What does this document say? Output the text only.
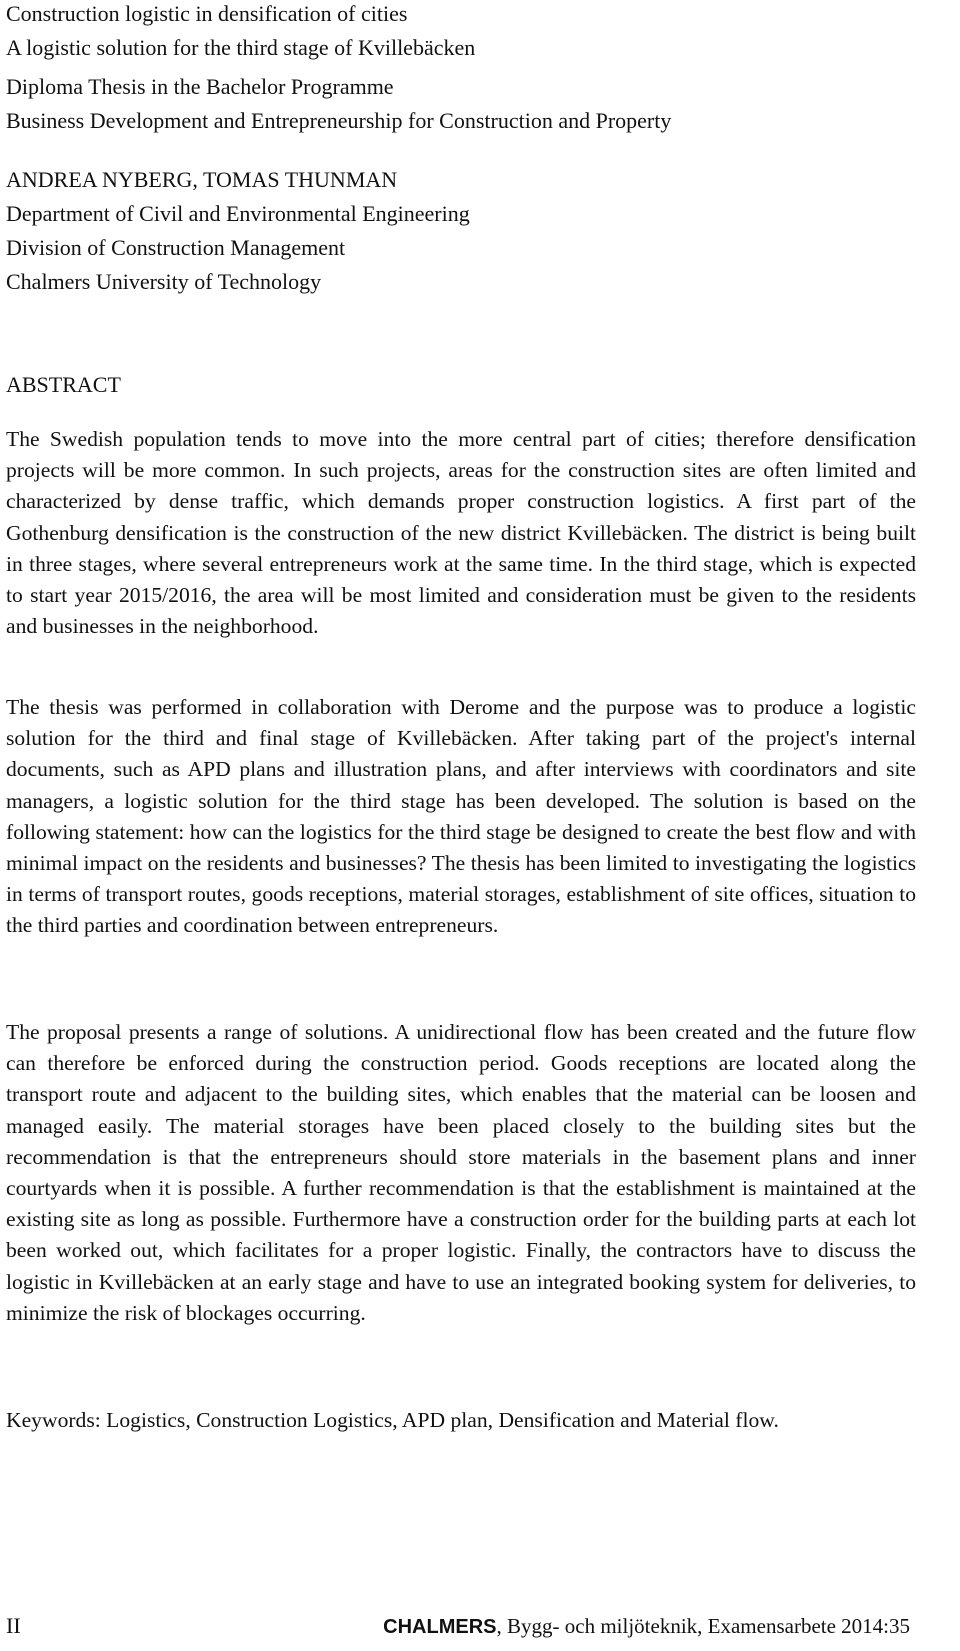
Construction logistic in densification of cities

A logistic solution for the third stage of Kvillebäcken

Diploma Thesis in the Bachelor Programme

Business Development and Entrepreneurship for Construction and Property

ANDREA NYBERG, TOMAS THUNMAN

Department of Civil and Environmental Engineering

Division of Construction Management

Chalmers University of Technology

ABSTRACT

The Swedish population tends to move into the more central part of cities; therefore densification projects will be more common. In such projects, areas for the construction sites are often limited and characterized by dense traffic, which demands proper construction logistics. A first part of the Gothenburg densification is the construction of the new district Kvillebäcken. The district is being built in three stages, where several entrepreneurs work at the same time. In the third stage, which is expected to start year 2015/2016, the area will be most limited and consideration must be given to the residents and businesses in the neighborhood.

The thesis was performed in collaboration with Derome and the purpose was to produce a logistic solution for the third and final stage of Kvillebäcken. After taking part of the project's internal documents, such as APD plans and illustration plans, and after interviews with coordinators and site managers, a logistic solution for the third stage has been developed. The solution is based on the following statement: how can the logistics for the third stage be designed to create the best flow and with minimal impact on the residents and businesses? The thesis has been limited to investigating the logistics in terms of transport routes, goods receptions, material storages, establishment of site offices, situation to the third parties and coordination between entrepreneurs.

The proposal presents a range of solutions. A unidirectional flow has been created and the future flow can therefore be enforced during the construction period. Goods receptions are located along the transport route and adjacent to the building sites, which enables that the material can be loosen and managed easily. The material storages have been placed closely to the building sites but the recommendation is that the entrepreneurs should store materials in the basement plans and inner courtyards when it is possible. A further recommendation is that the establishment is maintained at the existing site as long as possible. Furthermore have a construction order for the building parts at each lot been worked out, which facilitates for a proper logistic. Finally, the contractors have to discuss the logistic in Kvillebäcken at an early stage and have to use an integrated booking system for deliveries, to minimize the risk of blockages occurring.

Keywords: Logistics, Construction Logistics, APD plan, Densification and Material flow.

II	CHALMERS, Bygg- och miljöteknik, Examensarbete 2014:35
